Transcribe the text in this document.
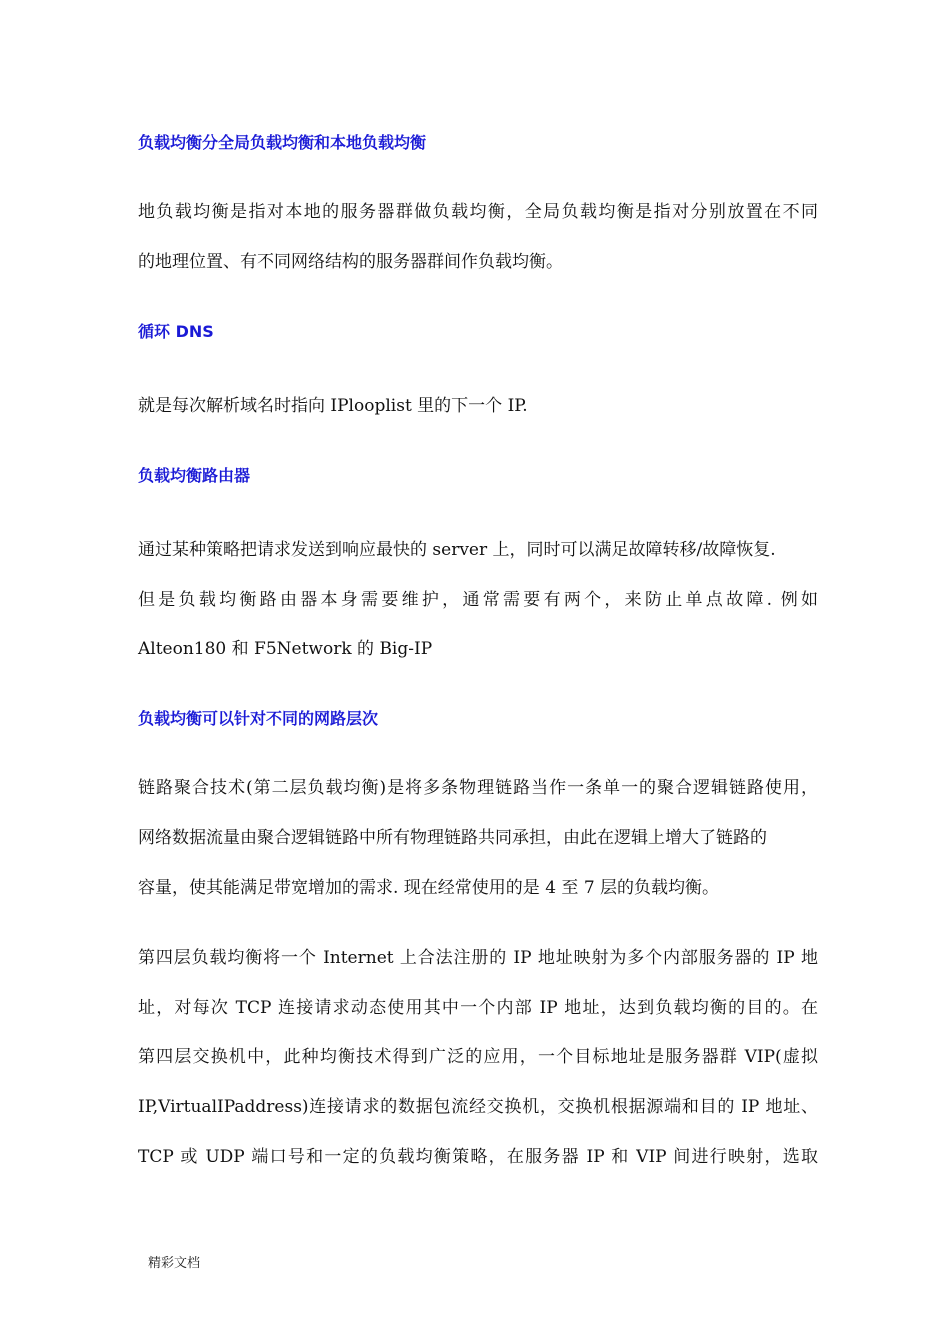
负载均衡分全局负载均衡和本地负载均衡
地负载均衡是指对本地的服务器群做负载均衡，全局负载均衡是指对分别放置在不同
的地理位置、有不同网络结构的服务器群间作负载均衡。
循环 DNS
就是每次解析域名时指向 IPlooplist 里的下一个 IP.
负载均衡路由器
通过某种策略把请求发送到响应最快的 server 上，同时可以满足故障转移/故障恢复.
但是负载均衡路由器本身需要维护，通常需要有两个，来防止单点故障. 例如
Alteon180 和 F5Network 的 Big-IP
负载均衡可以针对不同的网路层次
链路聚合技术(第二层负载均衡)是将多条物理链路当作一条单一的聚合逻辑链路使用，
网络数据流量由聚合逻辑链路中所有物理链路共同承担，由此在逻辑上增大了链路的
容量，使其能满足带宽增加的需求. 现在经常使用的是 4 至 7 层的负载均衡。
第四层负载均衡将一个 Internet 上合法注册的 IP 地址映射为多个内部服务器的 IP 地
址，对每次 TCP 连接请求动态使用其中一个内部 IP 地址，达到负载均衡的目的。在
第四层交换机中，此种均衡技术得到广泛的应用，一个目标地址是服务器群 VIP(虚拟
IP,VirtualIPaddress)连接请求的数据包流经交换机，交换机根据源端和目的 IP 地址、
TCP 或 UDP 端口号和一定的负载均衡策略，在服务器 IP 和 VIP 间进行映射，选取
精彩文档
